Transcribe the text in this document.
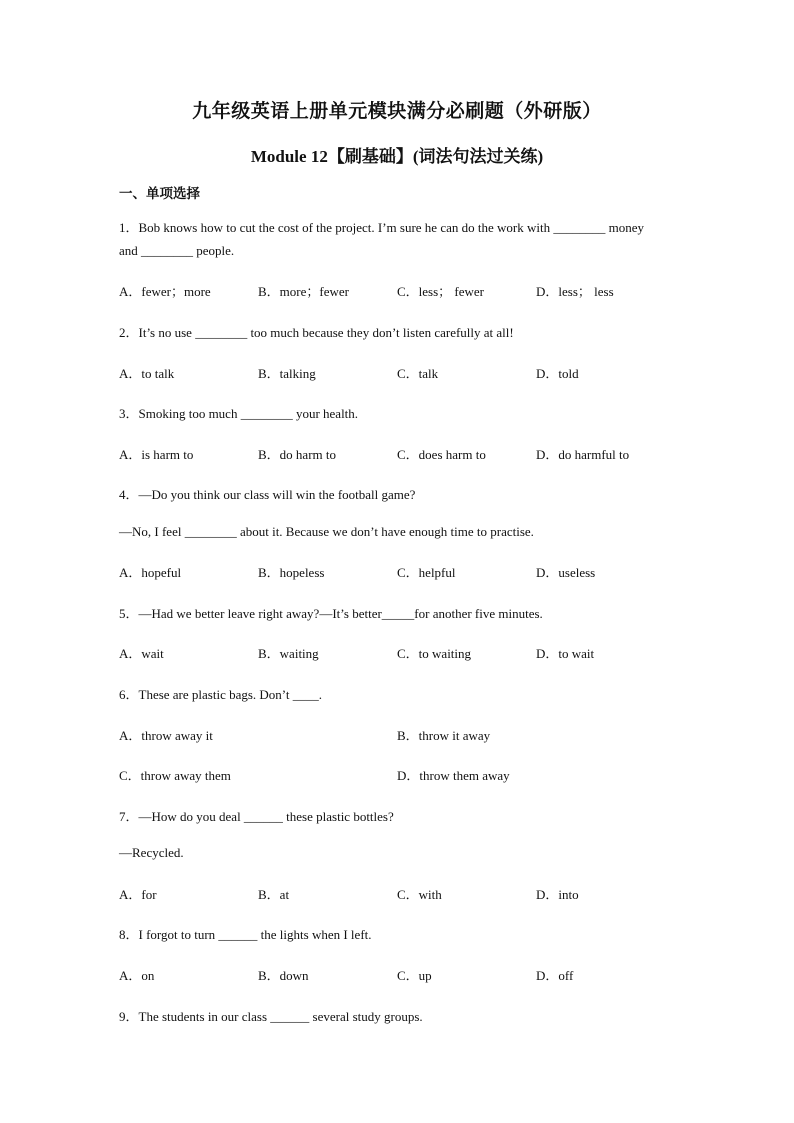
九年级英语上册单元模块满分必刷题（外研版）
Module 12【刷基础】(词法句法过关练)
一、单项选择
1．Bob knows how to cut the cost of the project. I’m sure he can do the work with ________ money
and ________ people.
A．fewer；more	B．more；fewer	C．less； fewer	D．less； less
2．It’s no use ________ too much because they don’t listen carefully at all!
A．to talk	B．talking	C．talk	D．told
3．Smoking too much ________ your health.
A．is harm to	B．do harm to	C．does harm to	D．do harmful to
4．—Do you think our class will win the football game?
—No, I feel ________ about it. Because we don’t have enough time to practise.
A．hopeful	B．hopeless	C．helpful	D．useless
5．—Had we better leave right away?—It’s better_____for another five minutes.
A．wait	B．waiting	C．to waiting	D．to wait
6．These are plastic bags. Don’t ____.
A．throw away it	B．throw it away
C．throw away them	D．throw them away
7．—How do you deal ______ these plastic bottles?
—Recycled.
A．for	B．at	C．with	D．into
8．I forgot to turn ______ the lights when I left.
A．on	B．down	C．up	D．off
9．The students in our class ______ several study groups.
